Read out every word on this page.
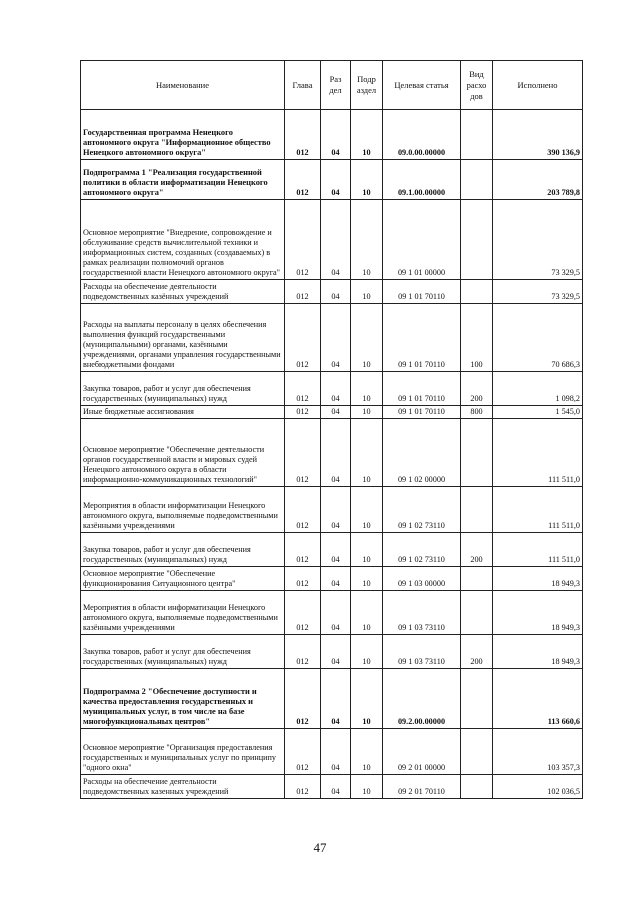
Наименование	Глава	Раз дел	Подр аздел	Целевая статья	Вид расхо дов	Исполнено
Государственная программа Ненецкого автономного округа "Информационное общество Ненецкого автономного округа"	012	04	10	09.0.00.00000		390 136,9
Подпрограмма 1 "Реализация государственной политики в области информатизации Ненецкого автономного округа"	012	04	10	09.1.00.00000		203 789,8
Основное мероприятие "Внедрение, сопровождение и обслуживание средств вычислительной техники и информационных систем, созданных (создаваемых) в рамках реализации полномочий органов государственной власти Ненецкого автономного округа"	012	04	10	09 1 01 00000		73 329,5
Расходы на обеспечение деятельности подведомственных казённых учреждений	012	04	10	09 1 01 70110		73 329,5
Расходы на выплаты персоналу в целях обеспечения выполнения функций государственными (муниципальными) органами, казёнными учреждениями, органами управления государственными внебюджетными фондами	012	04	10	09 1 01 70110	100	70 686,3
Закупка товаров, работ и услуг для обеспечения государственных (муниципальных) нужд	012	04	10	09 1 01 70110	200	1 098,2
Иные бюджетные ассигнования	012	04	10	09 1 01 70110	800	1 545,0
Основное мероприятие "Обеспечение деятельности органов государственной власти и мировых судей Ненецкого автономного округа в области информационно-коммуникационных технологий"	012	04	10	09 1 02 00000		111 511,0
Мероприятия в области информатизации Ненецкого автономного округа, выполняемые подведомственными казёнными учреждениями	012	04	10	09 1 02 73110		111 511,0
Закупка товаров, работ и услуг для обеспечения государственных (муниципальных) нужд	012	04	10	09 1 02 73110	200	111 511,0
Основное мероприятие "Обеспечение функционирования Ситуационного центра"	012	04	10	09 1 03 00000		18 949,3
Мероприятия в области информатизации Ненецкого автономного округа, выполняемые подведомственными казёнными учреждениями	012	04	10	09 1 03 73110		18 949,3
Закупка товаров, работ и услуг для обеспечения государственных (муниципальных) нужд	012	04	10	09 1 03 73110	200	18 949,3
Подпрограмма 2 "Обеспечение доступности и качества предоставления государственных и муниципальных услуг, в том числе на базе многофункциональных центров"	012	04	10	09.2.00.00000		113 660,6
Основное мероприятие "Организация предоставления государственных и муниципальных услуг по принципу "одного окна"	012	04	10	09 2 01 00000		103 357,3
Расходы на обеспечение деятельности подведомственных казенных учреждений	012	04	10	09 2 01 70110		102 036,5
47
